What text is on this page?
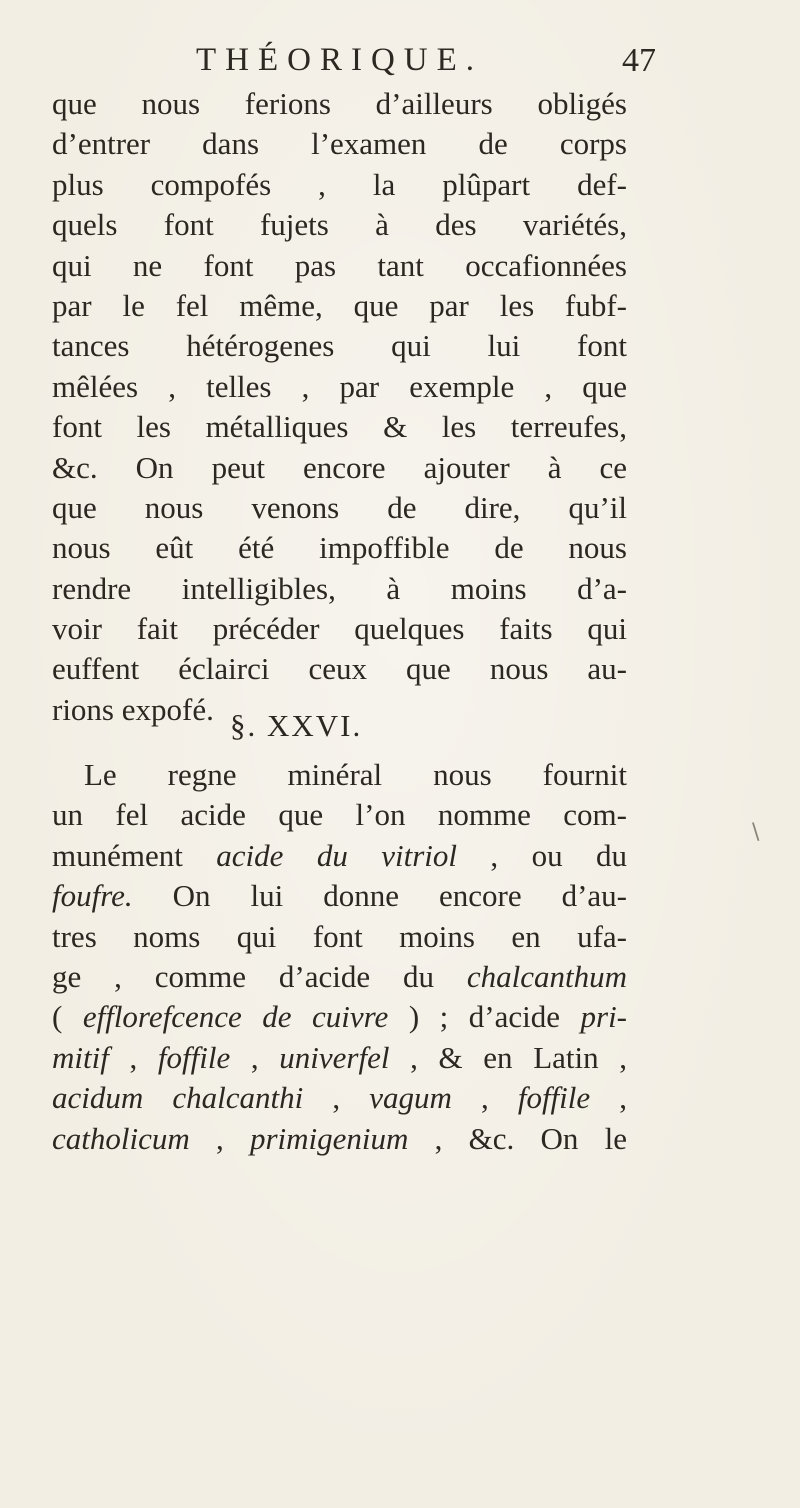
THÉORIQUE.	47
que nous ferions d’ailleurs obligés
d’entrer dans l’examen de corps
plus compofés , la plûpart def-
quels font fujets à des variétés,
qui ne font pas tant occafionnées
par le fel même, que par les fubf-
tances hétérogenes qui lui font
mêlées , telles , par exemple , que
font les métalliques & les terreufes,
&c. On peut encore ajouter à ce
que nous venons de dire, qu’il
nous eût été impoffible de nous
rendre intelligibles, à moins d’a-
voir fait précéder quelques faits qui
euffent éclairci ceux que nous au-
rions expofé. §. XXVI.
Le regne minéral nous fournit
un fel acide que l’on nomme com-
munément acide du vitriol , ou du
foufre. On lui donne encore d’au-
tres noms qui font moins en ufa-
ge , comme d’acide du chalcanthum
( efflorefcence de cuivre ) ; d’acide pri-
mitif , foffile , univerfel , & en Latin ,
acidum chalcanthi , vagum , foffile ,
catholicum , primigenium , &c. On le
\
